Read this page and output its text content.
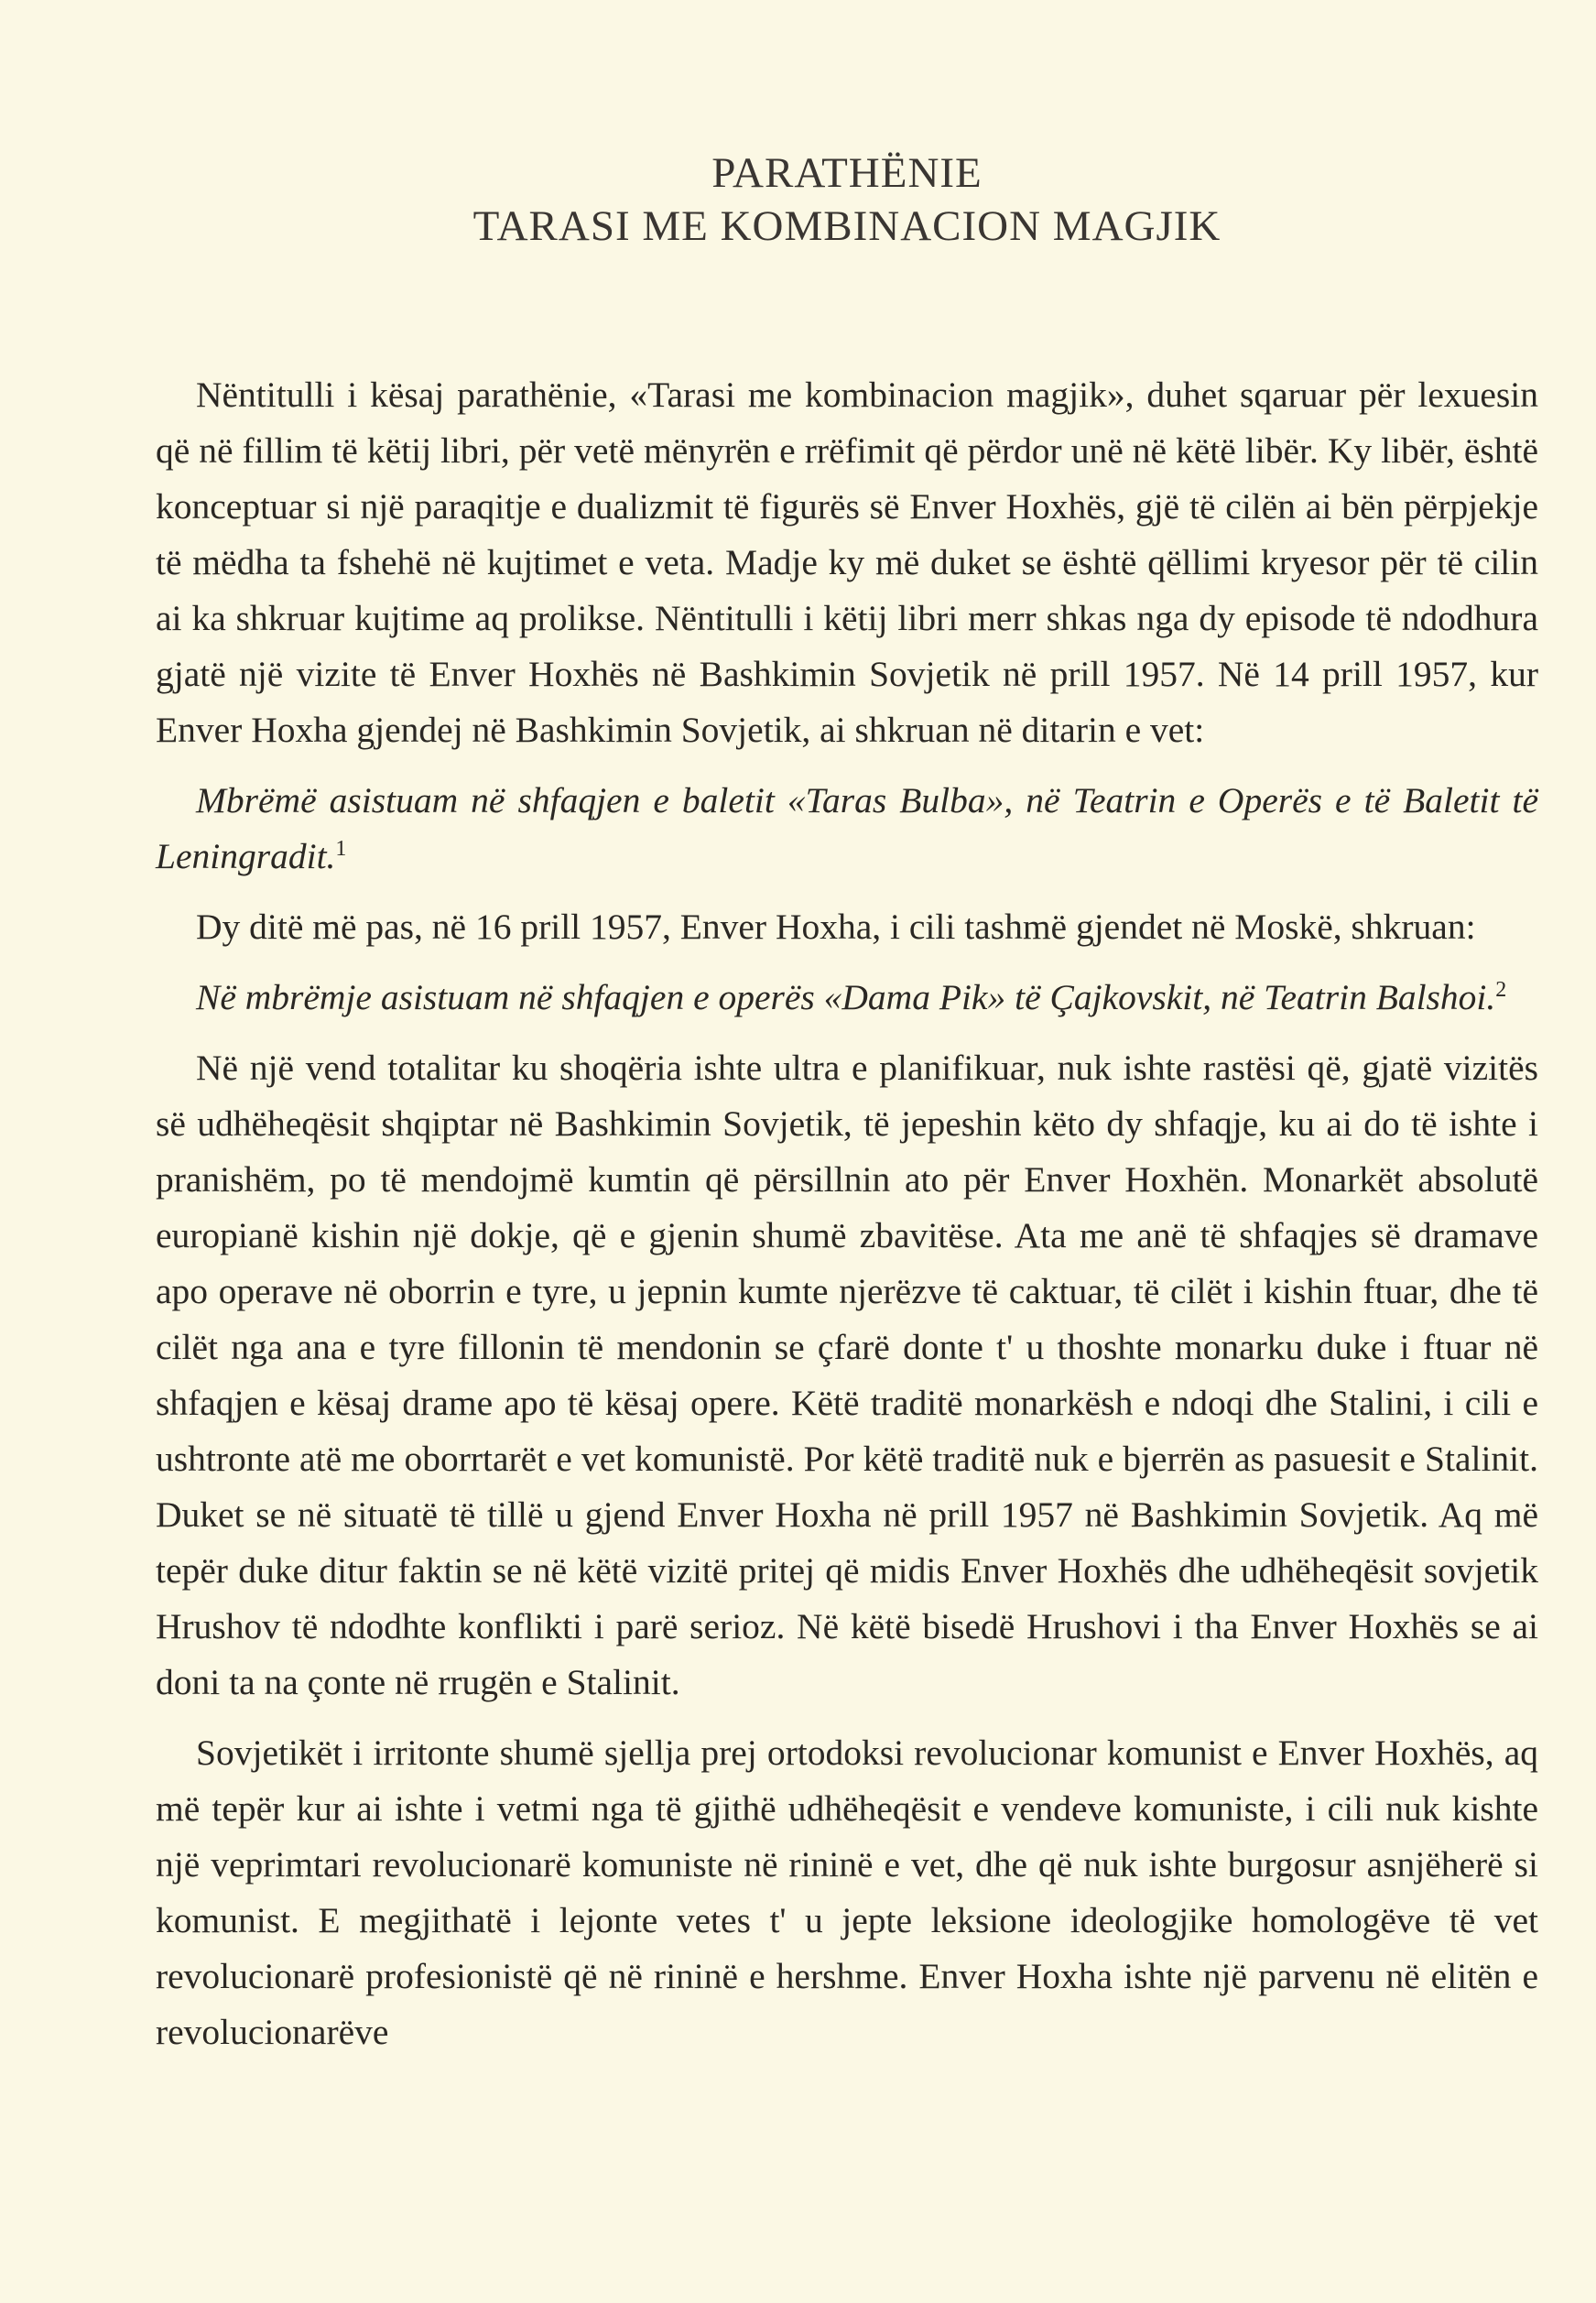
PARATHËNIE
TARASI ME KOMBINACION MAGJIK

Nëntitulli i kësaj parathënie, «Tarasi me kombinacion magjik», duhet sqaruar për lexuesin që në fillim të këtij libri, për vetë mënyrën e rrëfimit që përdor unë në këtë libër. Ky libër, është konceptuar si një paraqitje e dualizmit të figurës së Enver Hoxhës, gjë të cilën ai bën përpjekje të mëdha ta fshehë në kujtimet e veta. Madje ky më duket se është qëllimi kryesor për të cilin ai ka shkruar kujtime aq prolikse. Nëntitulli i këtij libri merr shkas nga dy episode të ndodhura gjatë një vizite të Enver Hoxhës në Bashkimin Sovjetik në prill 1957. Në 14 prill 1957, kur Enver Hoxha gjendej në Bashkimin Sovjetik, ai shkruan në ditarin e vet:

Mbrëmë asistuam në shfaqjen e baletit «Taras Bulba», në Teatrin e Operës e të Baletit të Leningradit.$^1$

Dy ditë më pas, në 16 prill 1957, Enver Hoxha, i cili tashmë gjendet në Moskë, shkruan:

Në mbrëmje asistuam në shfaqjen e operës «Dama Pik» të Çajkovskit, në Teatrin Balshoi.$^2$

Në një vend totalitar ku shoqëria ishte ultra e planifikuar, nuk ishte rastësi që, gjatë vizitës së udhëheqësit shqiptar në Bashkimin Sovjetik, të jepeshin këto dy shfaqje, ku ai do të ishte i pranishëm, po të mendojmë kumtin që përsillnin ato për Enver Hoxhën. Monarkët absolutë europianë kishin një dokje, që e gjenin shumë zbavitëse. Ata me anë të shfaqjes së dramave apo operave në oborrin e tyre, u jepnin kumte njerëzve të caktuar, të cilët i kishin ftuar, dhe të cilët nga ana e tyre fillonin të mendonin se çfarë donte t' u thoshte monarku duke i ftuar në shfaqjen e kësaj drame apo të kësaj opere. Këtë traditë monarkësh e ndoqi dhe Stalini, i cili e ushtronte atë me oborrtarët e vet komunistë. Por këtë traditë nuk e bjerrën as pasuesit e Stalinit. Duket se në situatë të tillë u gjend Enver Hoxha në prill 1957 në Bashkimin Sovjetik. Aq më tepër duke ditur faktin se në këtë vizitë pritej që midis Enver Hoxhës dhe udhëheqësit sovjetik Hrushov të ndodhte konflikti i parë serioz. Në këtë bisedë Hrushovi i tha Enver Hoxhës se ai doni ta na çonte në rrugën e Stalinit.

Sovjetikët i irritonte shumë sjellja prej ortodoksi revolucionar komunist e Enver Hoxhës, aq më tepër kur ai ishte i vetmi nga të gjithë udhëheqësit e vendeve komuniste, i cili nuk kishte një veprimtari revolucionarë komuniste në rininë e vet, dhe që nuk ishte burgosur asnjëherë si komunist. E megjithatë i lejonte vetes t' u jepte leksione ideologjike homologëve të vet revolucionarë profesionistë që në rininë e hershme. Enver Hoxha ishte një parvenu në elitën e revolucionarëve
